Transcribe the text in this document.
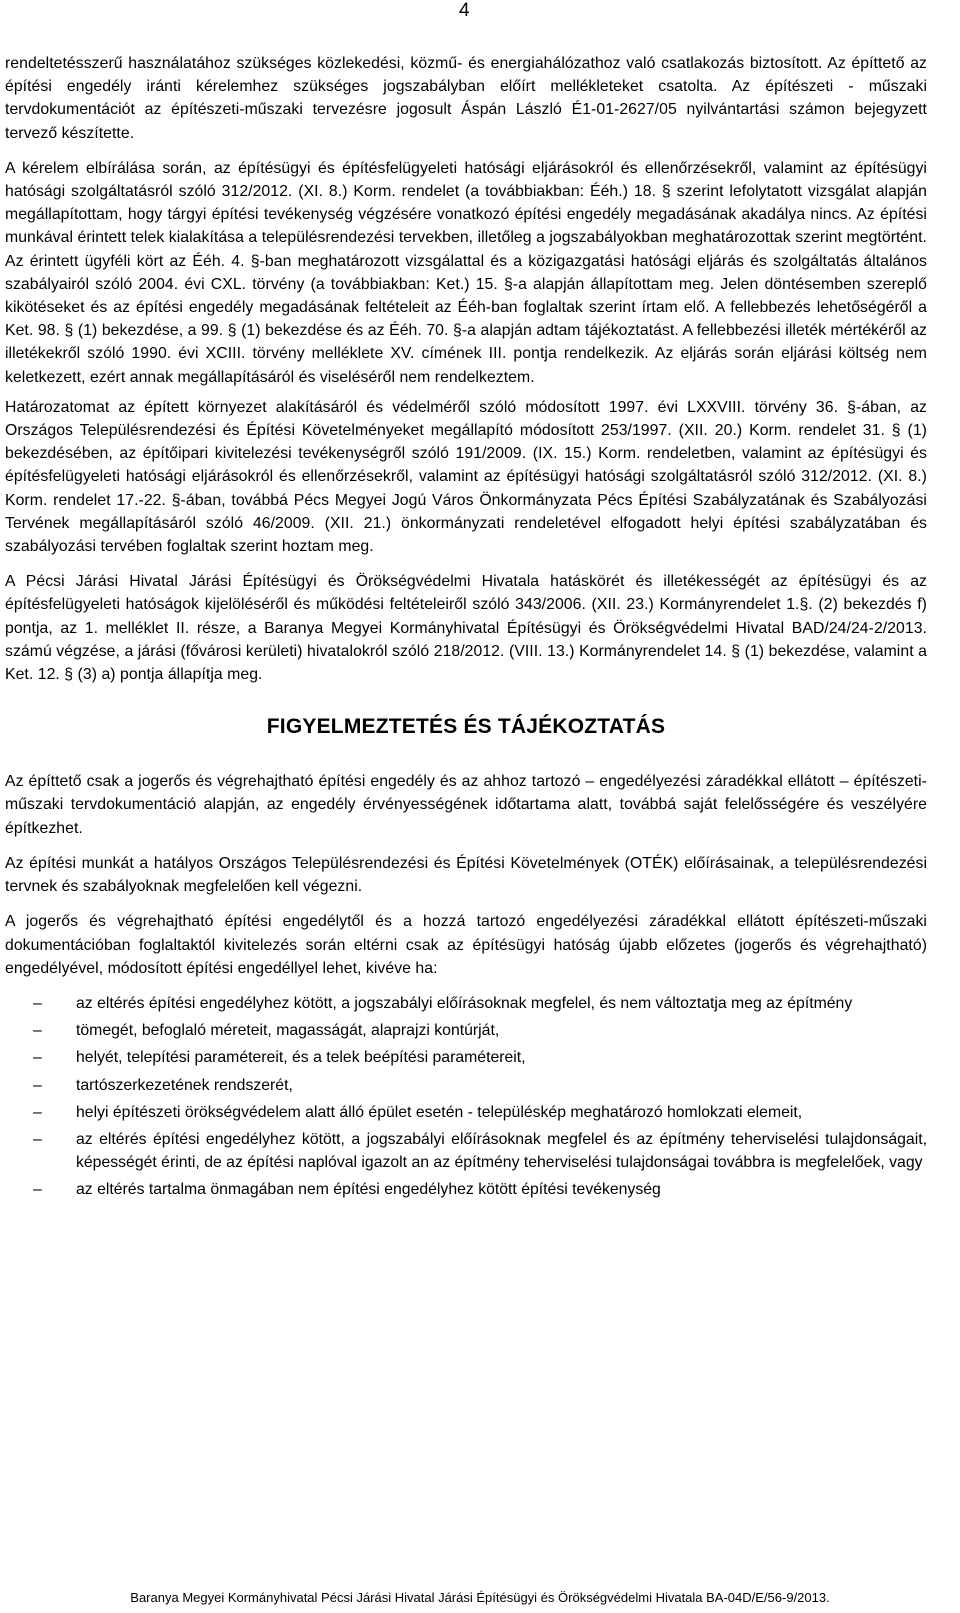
4

rendeltetésszerű használatához szükséges közlekedési, közmű- és energiahálózathoz való csatlakozás biztosított. Az építtető az építési engedély iránti kérelemhez szükséges jogszabályban előírt mellékleteket csatolta. Az építészeti - műszaki tervdokumentációt az építészeti-műszaki tervezésre jogosult Áspán László É1-01-2627/05 nyilvántartási számon bejegyzett tervező készítette.

A kérelem elbírálása során, az építésügyi és építésfelügyeleti hatósági eljárásokról és ellenőrzésekről, valamint az építésügyi hatósági szolgáltatásról szóló 312/2012. (XI. 8.) Korm. rendelet (a továbbiakban: Ééh.) 18. § szerint lefolytatott vizsgálat alapján megállapítottam, hogy tárgyi építési tevékenység végzésére vonatkozó építési engedély megadásának akadálya nincs. Az építési munkával érintett telek kialakítása a településrendezési tervekben, illetőleg a jogszabályokban meghatározottak szerint megtörtént. Az érintett ügyféli kört az Ééh. 4. §-ban meghatározott vizsgálattal és a közigazgatási hatósági eljárás és szolgáltatás általános szabályairól szóló 2004. évi CXL. törvény (a továbbiakban: Ket.) 15. §-a alapján állapítottam meg. Jelen döntésemben szereplő kikötéseket és az építési engedély megadásának feltételeit az Ééh-ban foglaltak szerint írtam elő. A fellebbezés lehetőségéről a Ket. 98. § (1) bekezdése, a 99. § (1) bekezdése és az Ééh. 70. §-a alapján adtam tájékoztatást. A fellebbezési illeték mértékéről az illetékekről szóló 1990. évi XCIII. törvény melléklete XV. címének III. pontja rendelkezik. Az eljárás során eljárási költség nem keletkezett, ezért annak megállapításáról és viseléséről nem rendelkeztem.

Határozatomat az épített környezet alakításáról és védelméről szóló módosított 1997. évi LXXVIII. törvény 36. §-ában, az Országos Településrendezési és Építési Követelményeket megállapító módosított 253/1997. (XII. 20.) Korm. rendelet 31. § (1) bekezdésében, az építőipari kivitelezési tevékenységről szóló 191/2009. (IX. 15.) Korm. rendeletben, valamint az építésügyi és építésfelügyeleti hatósági eljárásokról és ellenőrzésekről, valamint az építésügyi hatósági szolgáltatásról szóló 312/2012. (XI. 8.) Korm. rendelet 17.-22. §-ában, továbbá Pécs Megyei Jogú Város Önkormányzata Pécs Építési Szabályzatának és Szabályozási Tervének megállapításáról szóló 46/2009. (XII. 21.) önkormányzati rendeletével elfogadott helyi építési szabályzatában és szabályozási tervében foglaltak szerint hoztam meg.

A Pécsi Járási Hivatal Járási Építésügyi és Örökségvédelmi Hivatala hatáskörét és illetékességét az építésügyi és az építésfelügyeleti hatóságok kijelöléséről és működési feltételeiről szóló 343/2006. (XII. 23.) Kormányrendelet 1.§. (2) bekezdés f) pontja, az 1. melléklet II. része, a Baranya Megyei Kormányhivatal Építésügyi és Örökségvédelmi Hivatal BAD/24/24-2/2013. számú végzése, a járási (fővárosi kerületi) hivatalokról szóló 218/2012. (VIII. 13.) Kormányrendelet 14. § (1) bekezdése, valamint a Ket. 12. § (3) a) pontja állapítja meg.

FIGYELMEZTETÉS ÉS TÁJÉKOZTATÁS

Az építtető csak a jogerős és végrehajtható építési engedély és az ahhoz tartozó – engedélyezési záradékkal ellátott – építészeti-műszaki tervdokumentáció alapján, az engedély érvényességének időtartama alatt, továbbá saját felelősségére és veszélyére építkezhet.

Az építési munkát a hatályos Országos Településrendezési és Építési Követelmények (OTÉK) előírásainak, a településrendezési tervnek és szabályoknak megfelelően kell végezni.

A jogerős és végrehajtható építési engedélytől és a hozzá tartozó engedélyezési záradékkal ellátott építészeti-műszaki dokumentációban foglaltaktól kivitelezés során eltérni csak az építésügyi hatóság újabb előzetes (jogerős és végrehajtható) engedélyével, módosított építési engedéllyel lehet, kivéve ha:

– az eltérés építési engedélyhez kötött, a jogszabályi előírásoknak megfelel, és nem változtatja meg az építmény
– tömegét, befoglaló méreteit, magasságát, alaprajzi kontúrját,
– helyét, telepítési paramétereit, és a telek beépítési paramétereit,
– tartószerkezetének rendszerét,
– helyi építészeti örökségvédelem alatt álló épület esetén - településkép meghatározó homlokzati elemeit,
– az eltérés építési engedélyhez kötött, a jogszabályi előírásoknak megfelel és az építmény teherviselési tulajdonságait, képességét érinti, de az építési naplóval igazolt an az építmény teherviselési tulajdonságai továbbra is megfelelőek, vagy
– az eltérés tartalma önmagában nem építési engedélyhez kötött építési tevékenység
Baranya Megyei Kormányhivatal Pécsi Járási Hivatal Járási Építésügyi és Örökségvédelmi Hivatala BA-04D/E/56-9/2013.
